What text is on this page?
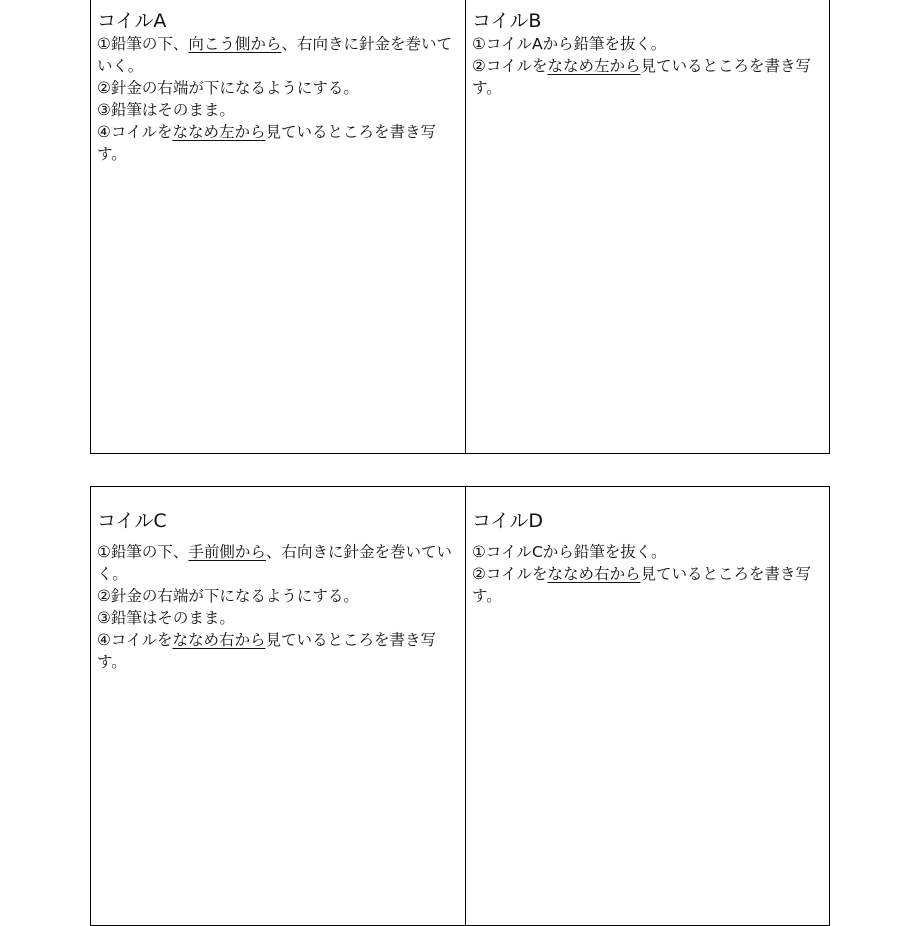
コイルA

①鉛筆の下、向こう側から、右向きに針金を巻いていく。
②針金の右端が下になるようにする。
③鉛筆はそのまま。
④コイルをななめ左から見ているところを書き写す。

コイルB

①コイルAから鉛筆を抜く。
②コイルをななめ左から見ているところを書き写す。

コイルC

①鉛筆の下、手前側から、右向きに針金を巻いていく。
②針金の右端が下になるようにする。
③鉛筆はそのまま。
④コイルをななめ右から見ているところを書き写す。

コイルD

①コイルCから鉛筆を抜く。
②コイルをななめ右から見ているところを書き写す。
